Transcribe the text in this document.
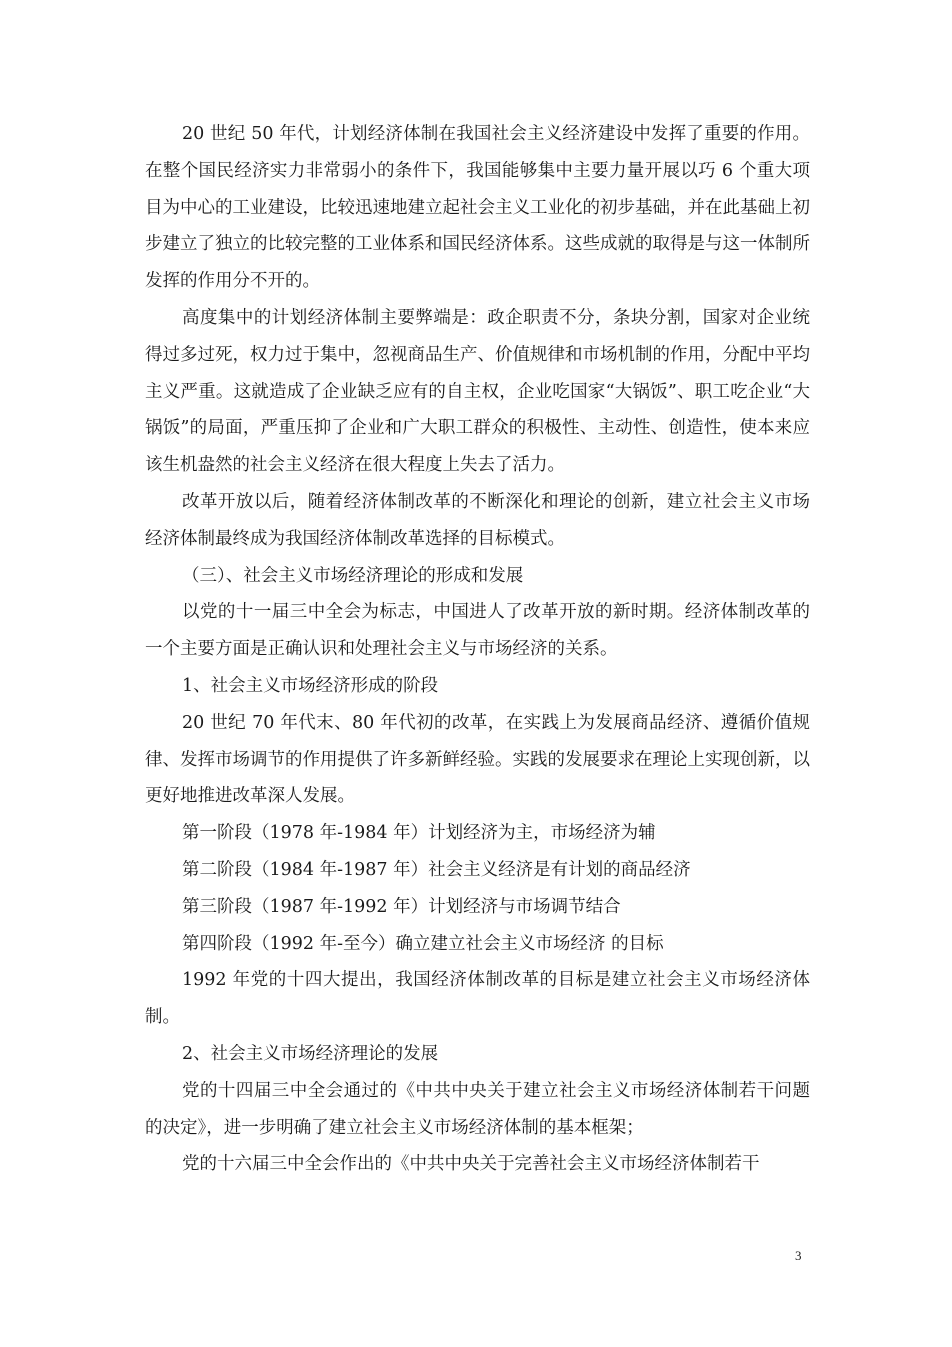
20 世纪 50 年代，计划经济体制在我国社会主义经济建设中发挥了重要的作用。在整个国民经济实力非常弱小的条件下，我国能够集中主要力量开展以巧 6 个重大项目为中心的工业建设，比较迅速地建立起社会主义工业化的初步基础，并在此基础上初步建立了独立的比较完整的工业体系和国民经济体系。这些成就的取得是与这一体制所发挥的作用分不开的。

高度集中的计划经济体制主要弊端是：政企职责不分，条块分割，国家对企业统得过多过死，权力过于集中，忽视商品生产、价值规律和市场机制的作用，分配中平均主义严重。这就造成了企业缺乏应有的自主权，企业吃国家“大锅饭”、职工吃企业“大锅饭”的局面，严重压抑了企业和广大职工群众的积极性、主动性、创造性，使本来应该生机盎然的社会主义经济在很大程度上失去了活力。

改革开放以后，随着经济体制改革的不断深化和理论的创新，建立社会主义市场经济体制最终成为我国经济体制改革选择的目标模式。

（三）、社会主义市场经济理论的形成和发展

以党的十一届三中全会为标志，中国进人了改革开放的新时期。经济体制改革的一个主要方面是正确认识和处理社会主义与市场经济的关系。

1、社会主义市场经济形成的阶段

20 世纪 70 年代末、80 年代初的改革，在实践上为发展商品经济、遵循价值规律、发挥市场调节的作用提供了许多新鲜经验。实践的发展要求在理论上实现创新，以更好地推进改革深人发展。

第一阶段（1978 年-1984 年）计划经济为主，市场经济为辅

第二阶段（1984 年-1987 年）社会主义经济是有计划的商品经济

第三阶段（1987 年-1992 年）计划经济与市场调节结合

第四阶段（1992 年-至今）确立建立社会主义市场经济 的目标

1992 年党的十四大提出，我国经济体制改革的目标是建立社会主义市场经济体制。

2、社会主义市场经济理论的发展

党的十四届三中全会通过的《中共中央关于建立社会主义市场经济体制若干问题的决定》，进一步明确了建立社会主义市场经济体制的基本框架；

党的十六届三中全会作出的《中共中央关于完善社会主义市场经济体制若干

3
